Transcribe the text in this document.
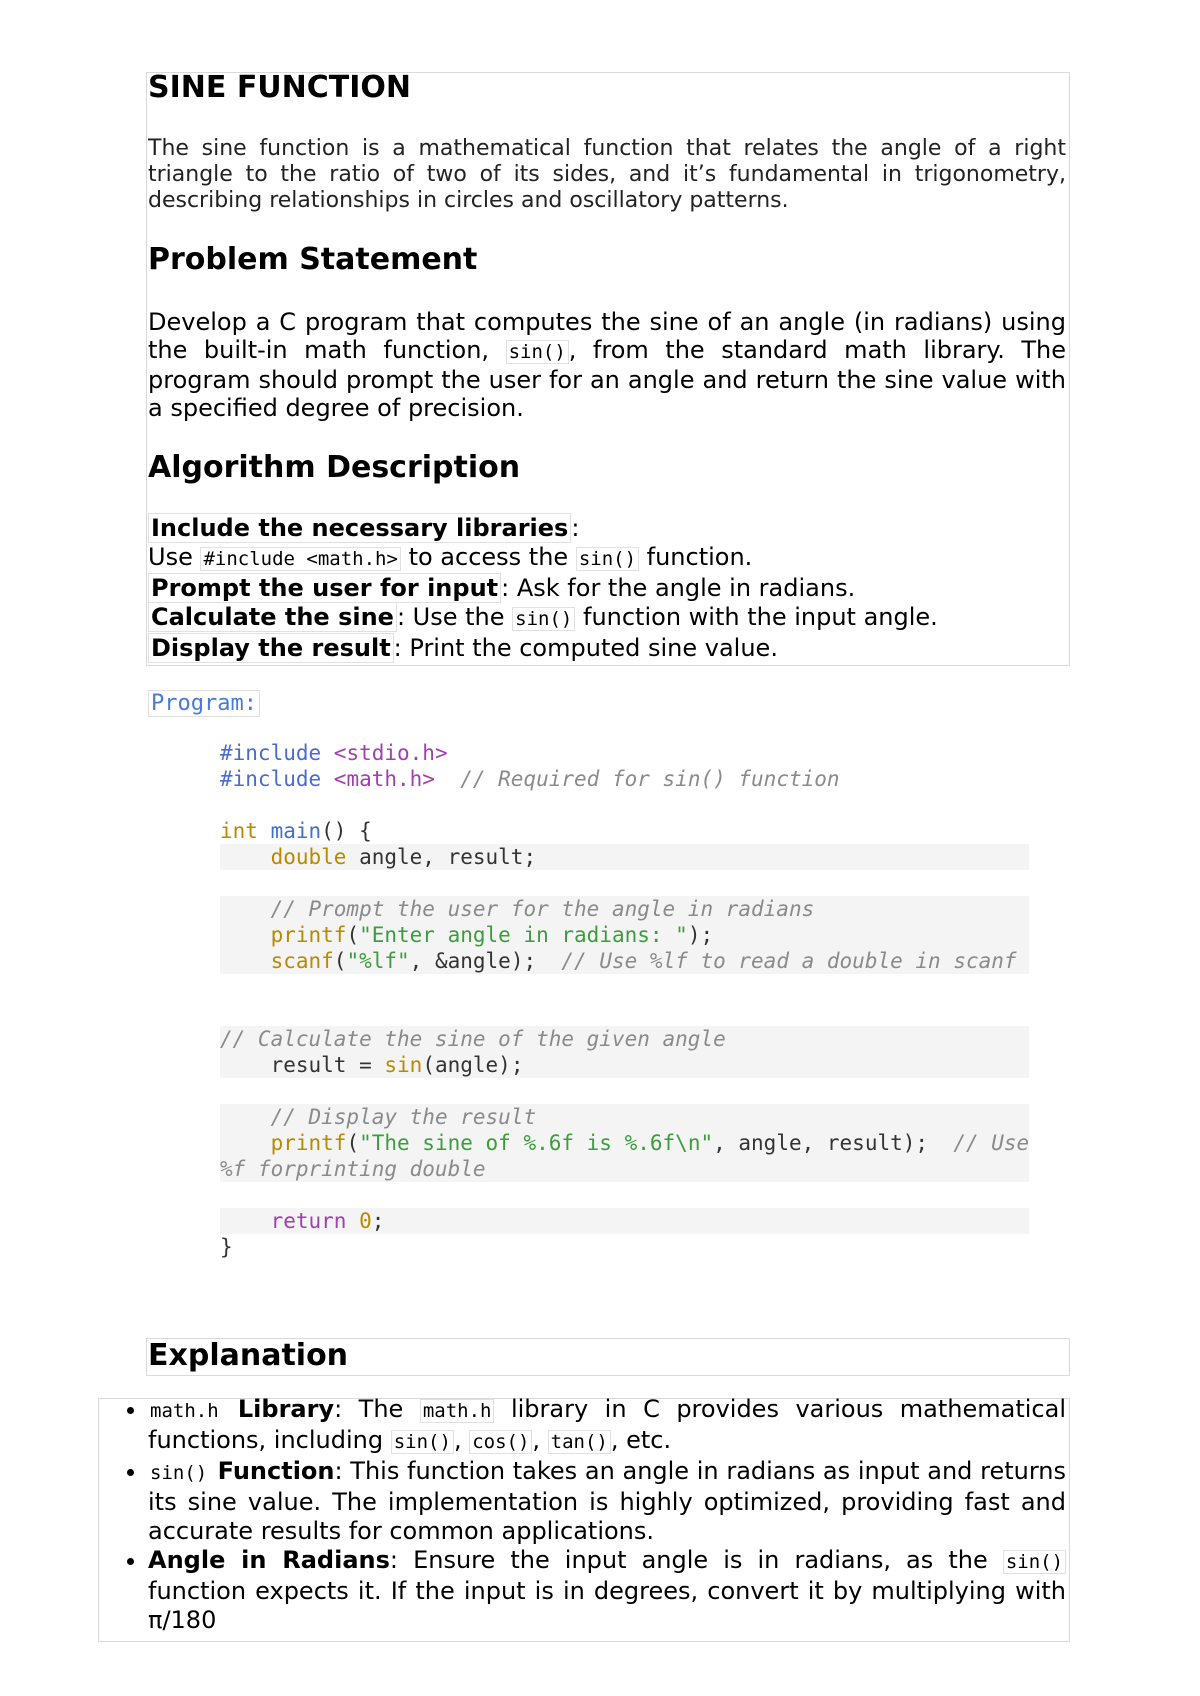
SINE FUNCTION

The sine function is a mathematical function that relates the angle of a right triangle to the ratio of two of its sides, and it’s fundamental in trigonometry, describing relationships in circles and oscillatory patterns.

Problem Statement

Develop a C program that computes the sine of an angle (in radians) using the built-in math function, sin() , from the standard math library. The program should prompt the user for an angle and return the sine value with a specified degree of precision.

Algorithm Description

Include the necessary libraries :

Use #include <math.h> to access the sin() function.

Prompt the user for input : Ask for the angle in radians.

Calculate the sine : Use the sin() function with the input angle.

Display the result : Print the computed sine value.

Program:
#include <stdio.h>
#include <math.h>  // Required for sin() function
int main() {
double angle, result;
// Prompt the user for the angle in radians
printf("Enter angle in radians: ");
scanf("%lf", &angle);  // Use %lf to read a double in scanf
// Calculate the sine of the given angle
result = sin(angle);
// Display the result
printf("The sine of %.6f is %.6f\n", angle, result);  // Use
%f forprinting double
return 0;
}
Explanation
• math.h Library: The math.h library in C provides various mathematical functions, including sin() , cos() , tan() , etc.
• sin() Function: This function takes an angle in radians as input and returns its sine value. The implementation is highly optimized, providing fast and accurate results for common applications.
• Angle in Radians: Ensure the input angle is in radians, as the sin() function expects it. If the input is in degrees, convert it by multiplying with π/180
